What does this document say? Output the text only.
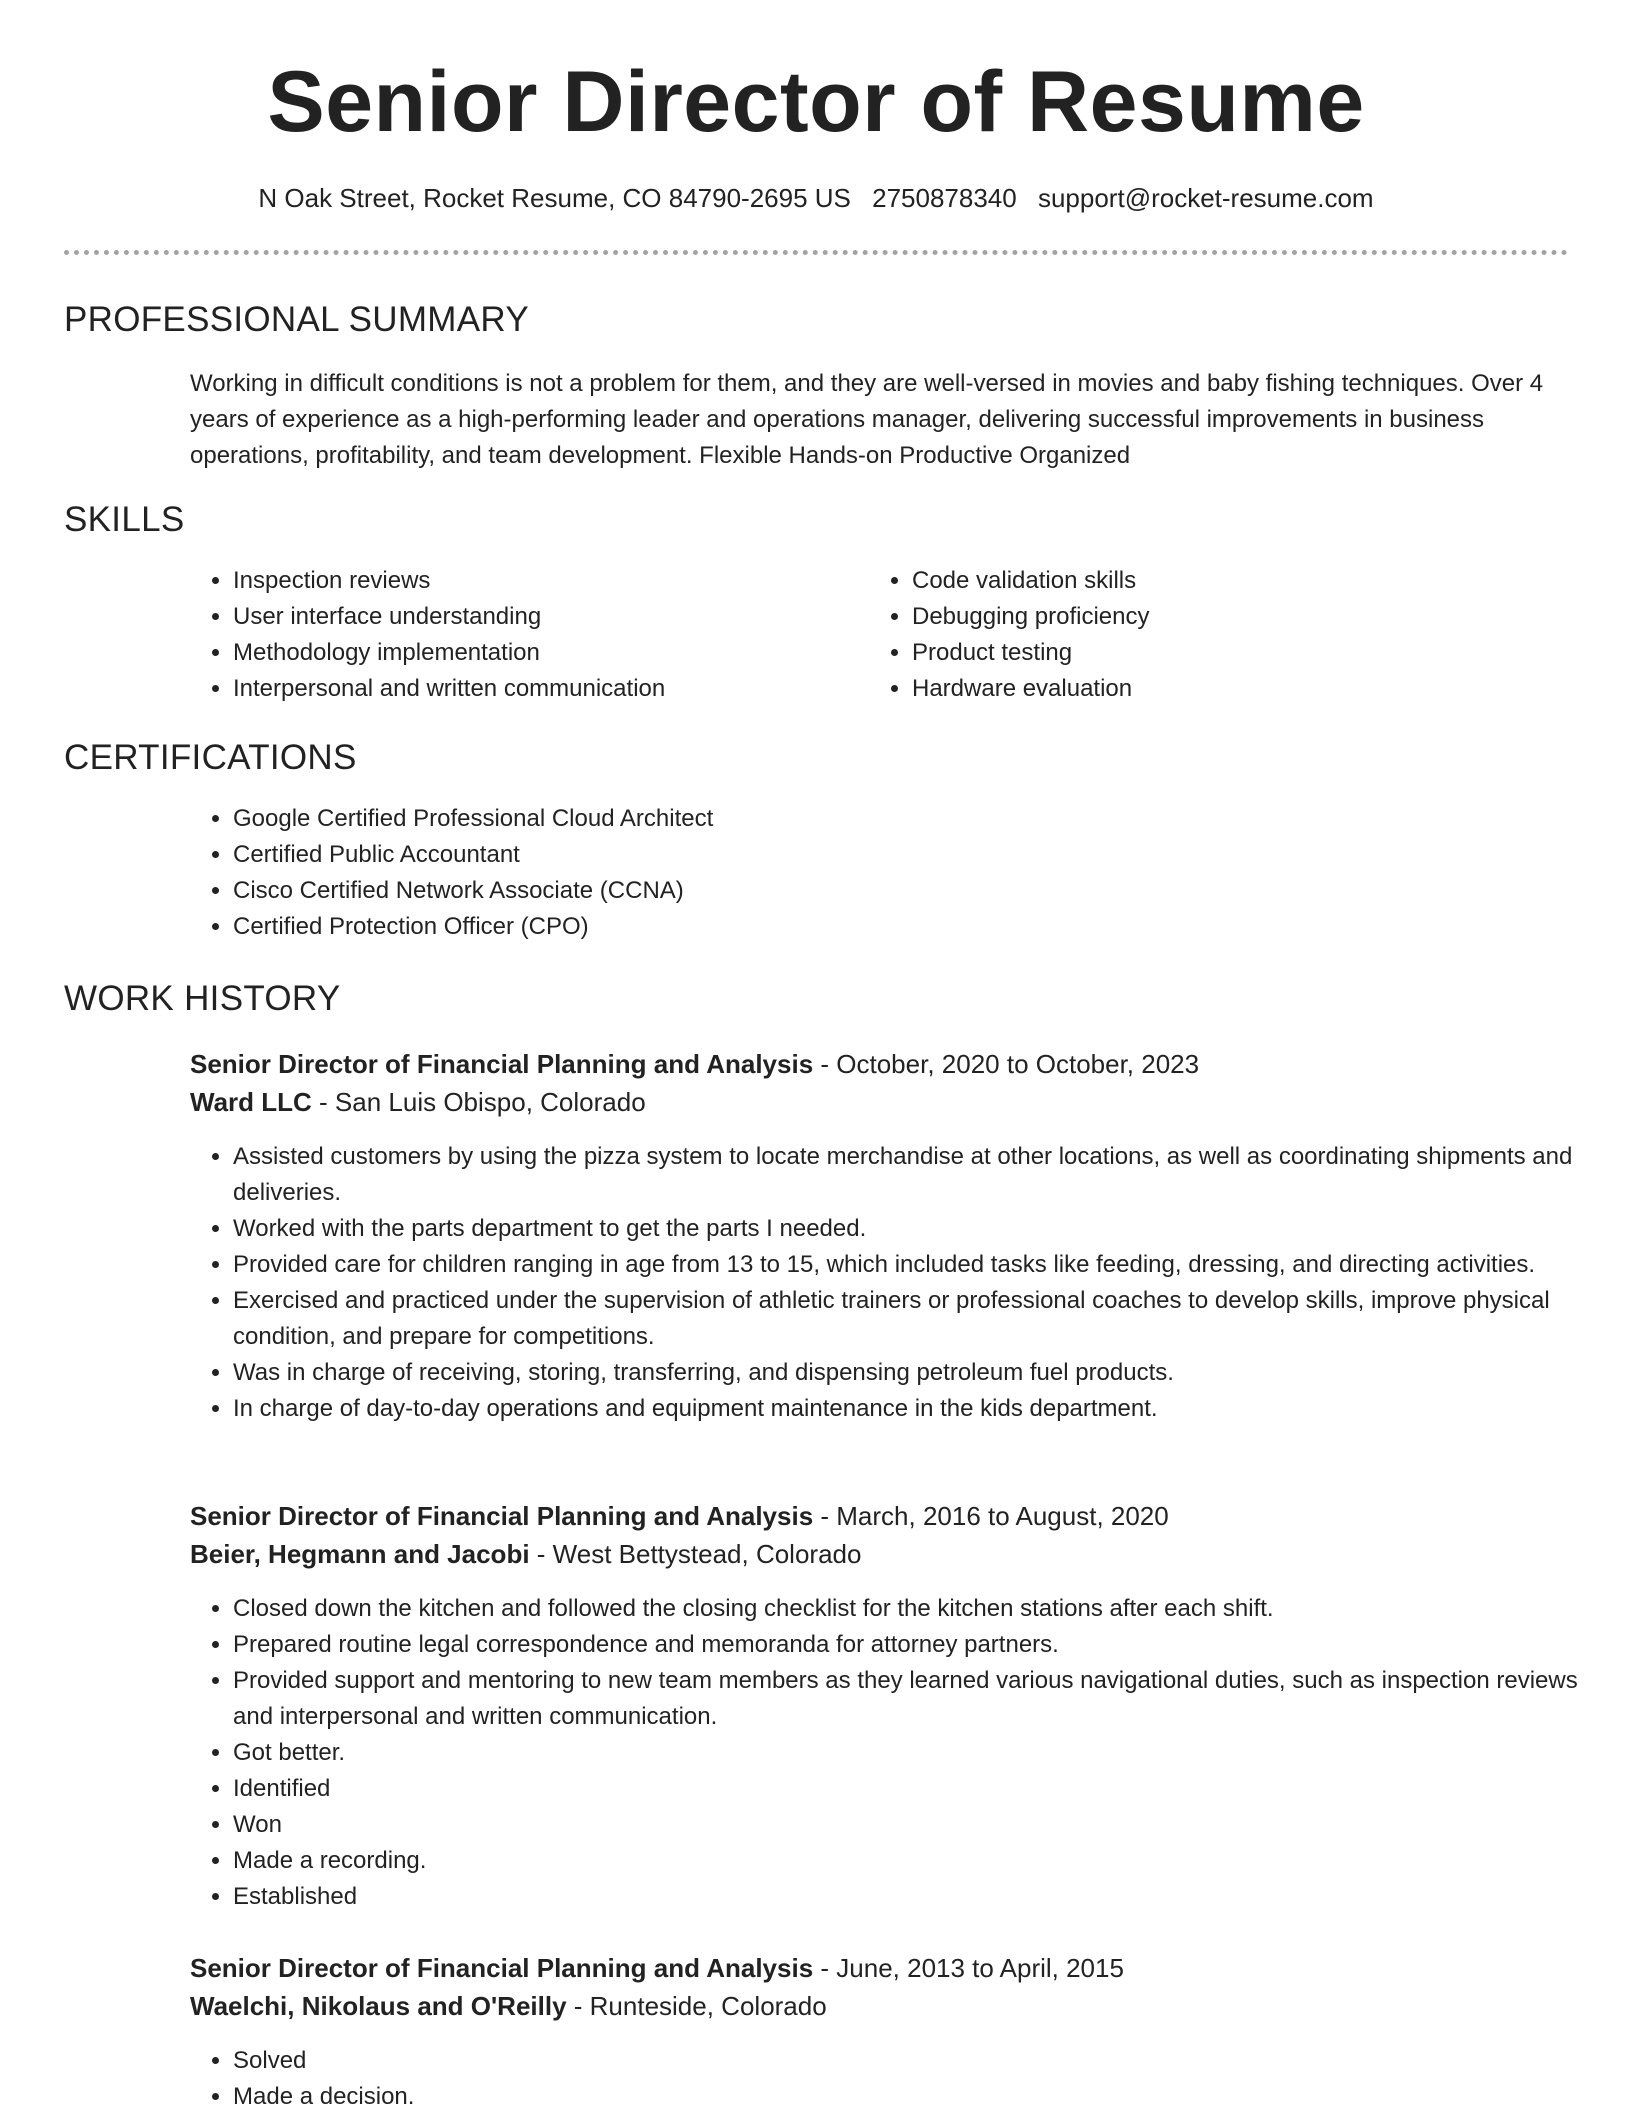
Senior Director of Resume
N Oak Street, Rocket Resume, CO 84790-2695 US 2750878340 support@rocket-resume.com
PROFESSIONAL SUMMARY

Working in difficult conditions is not a problem for them, and they are well-versed in movies and baby fishing techniques. Over 4 years of experience as a high-performing leader and operations manager, delivering successful improvements in business operations, profitability, and team development. Flexible Hands-on Productive Organized

SKILLS
• Inspection reviews
• User interface understanding
• Methodology implementation
• Interpersonal and written communication
• Code validation skills
• Debugging proficiency
• Product testing
• Hardware evaluation
CERTIFICATIONS
• Google Certified Professional Cloud Architect
• Certified Public Accountant
• Cisco Certified Network Associate (CCNA)
• Certified Protection Officer (CPO)
WORK HISTORY
Senior Director of Financial Planning and Analysis - October, 2020 to October, 2023
Ward LLC - San Luis Obispo, Colorado
• Assisted customers by using the pizza system to locate merchandise at other locations, as well as coordinating shipments and deliveries.
• Worked with the parts department to get the parts I needed.
• Provided care for children ranging in age from 13 to 15, which included tasks like feeding, dressing, and directing activities.
• Exercised and practiced under the supervision of athletic trainers or professional coaches to develop skills, improve physical condition, and prepare for competitions.
• Was in charge of receiving, storing, transferring, and dispensing petroleum fuel products.
• In charge of day-to-day operations and equipment maintenance in the kids department.
Senior Director of Financial Planning and Analysis - March, 2016 to August, 2020
Beier, Hegmann and Jacobi - West Bettystead, Colorado
• Closed down the kitchen and followed the closing checklist for the kitchen stations after each shift.
• Prepared routine legal correspondence and memoranda for attorney partners.
• Provided support and mentoring to new team members as they learned various navigational duties, such as inspection reviews and interpersonal and written communication.
• Got better.
• Identified
• Won
• Made a recording.
• Established
Senior Director of Financial Planning and Analysis - June, 2013 to April, 2015
Waelchi, Nikolaus and O'Reilly - Runteside, Colorado
• Solved
• Made a decision.
